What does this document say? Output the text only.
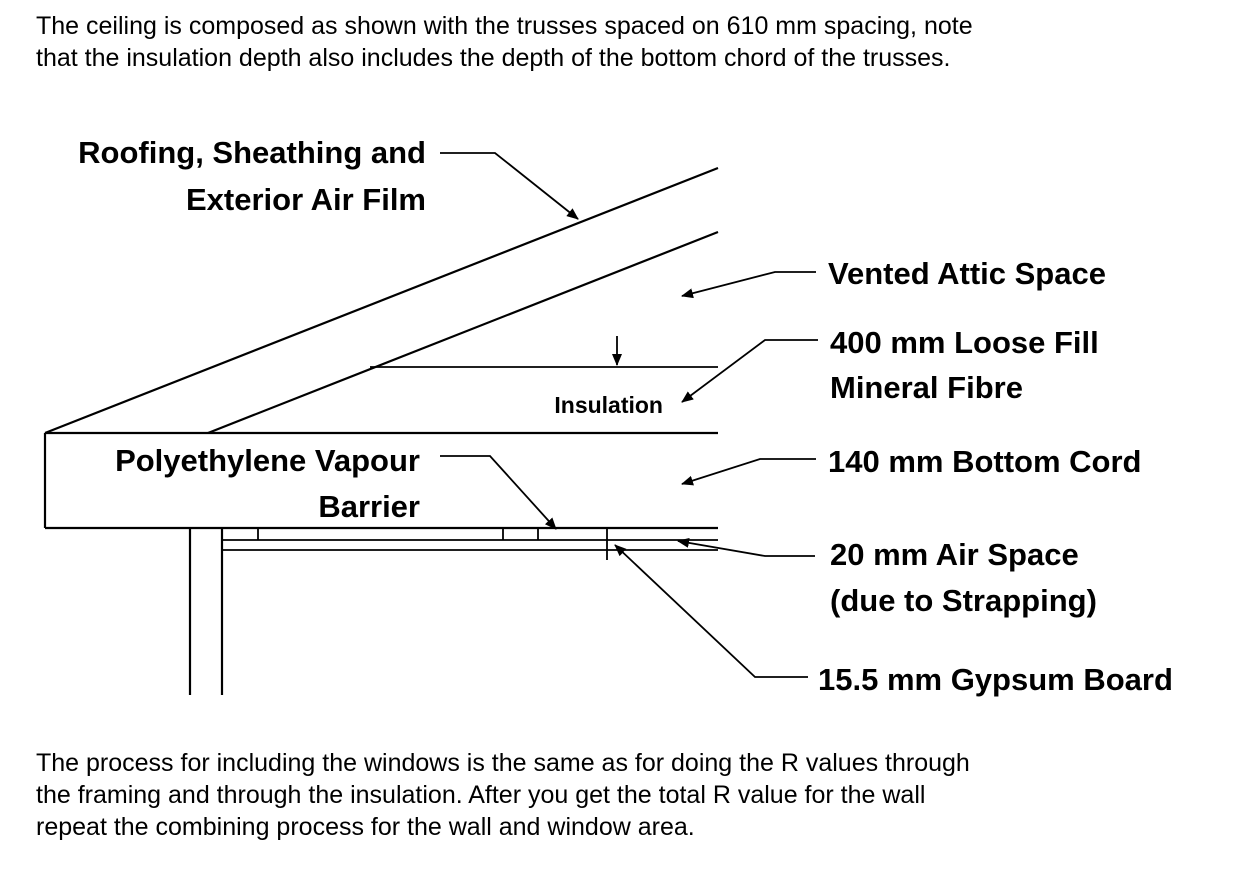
The ceiling is composed as shown with the trusses spaced on 610 mm spacing, note
that the insulation depth also includes the depth of the bottom chord of the trusses.

Roofing, Sheathing and
Exterior Air Film
Vented Attic Space
400 mm Loose Fill
Mineral Fibre
Insulation
Polyethylene Vapour
Barrier
140 mm Bottom Cord
20 mm Air Space
(due to Strapping)
15.5 mm Gypsum Board

The process for including the windows is the same as for doing the R values through
the framing and through the insulation. After you get the total R value for the wall
repeat the combining process for the wall and window area.
